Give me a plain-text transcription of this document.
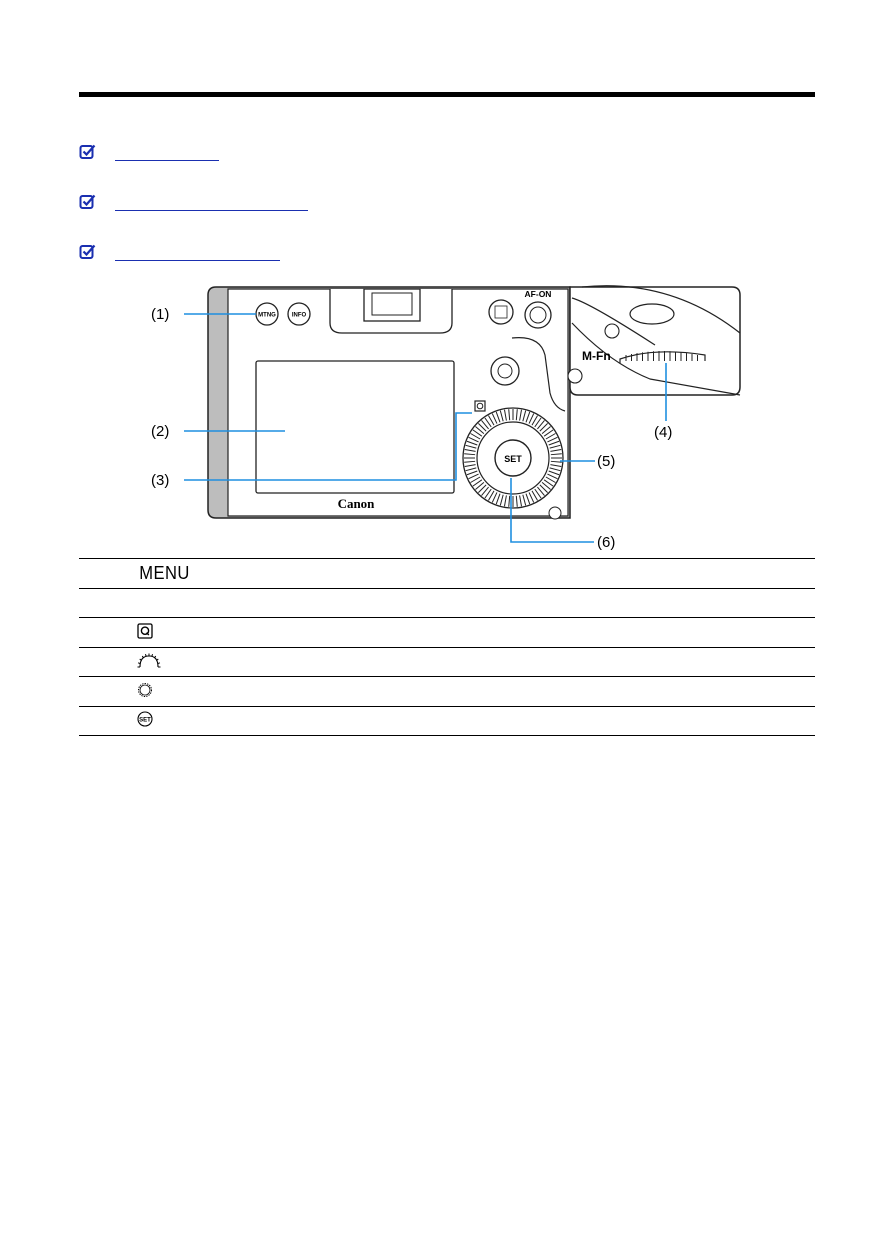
MTNG	INFO
AF-ON
SET
Canon
M-Fn
(1)
(2)
(3)
(4)
(5)
(6)

	MENU	

SET	
